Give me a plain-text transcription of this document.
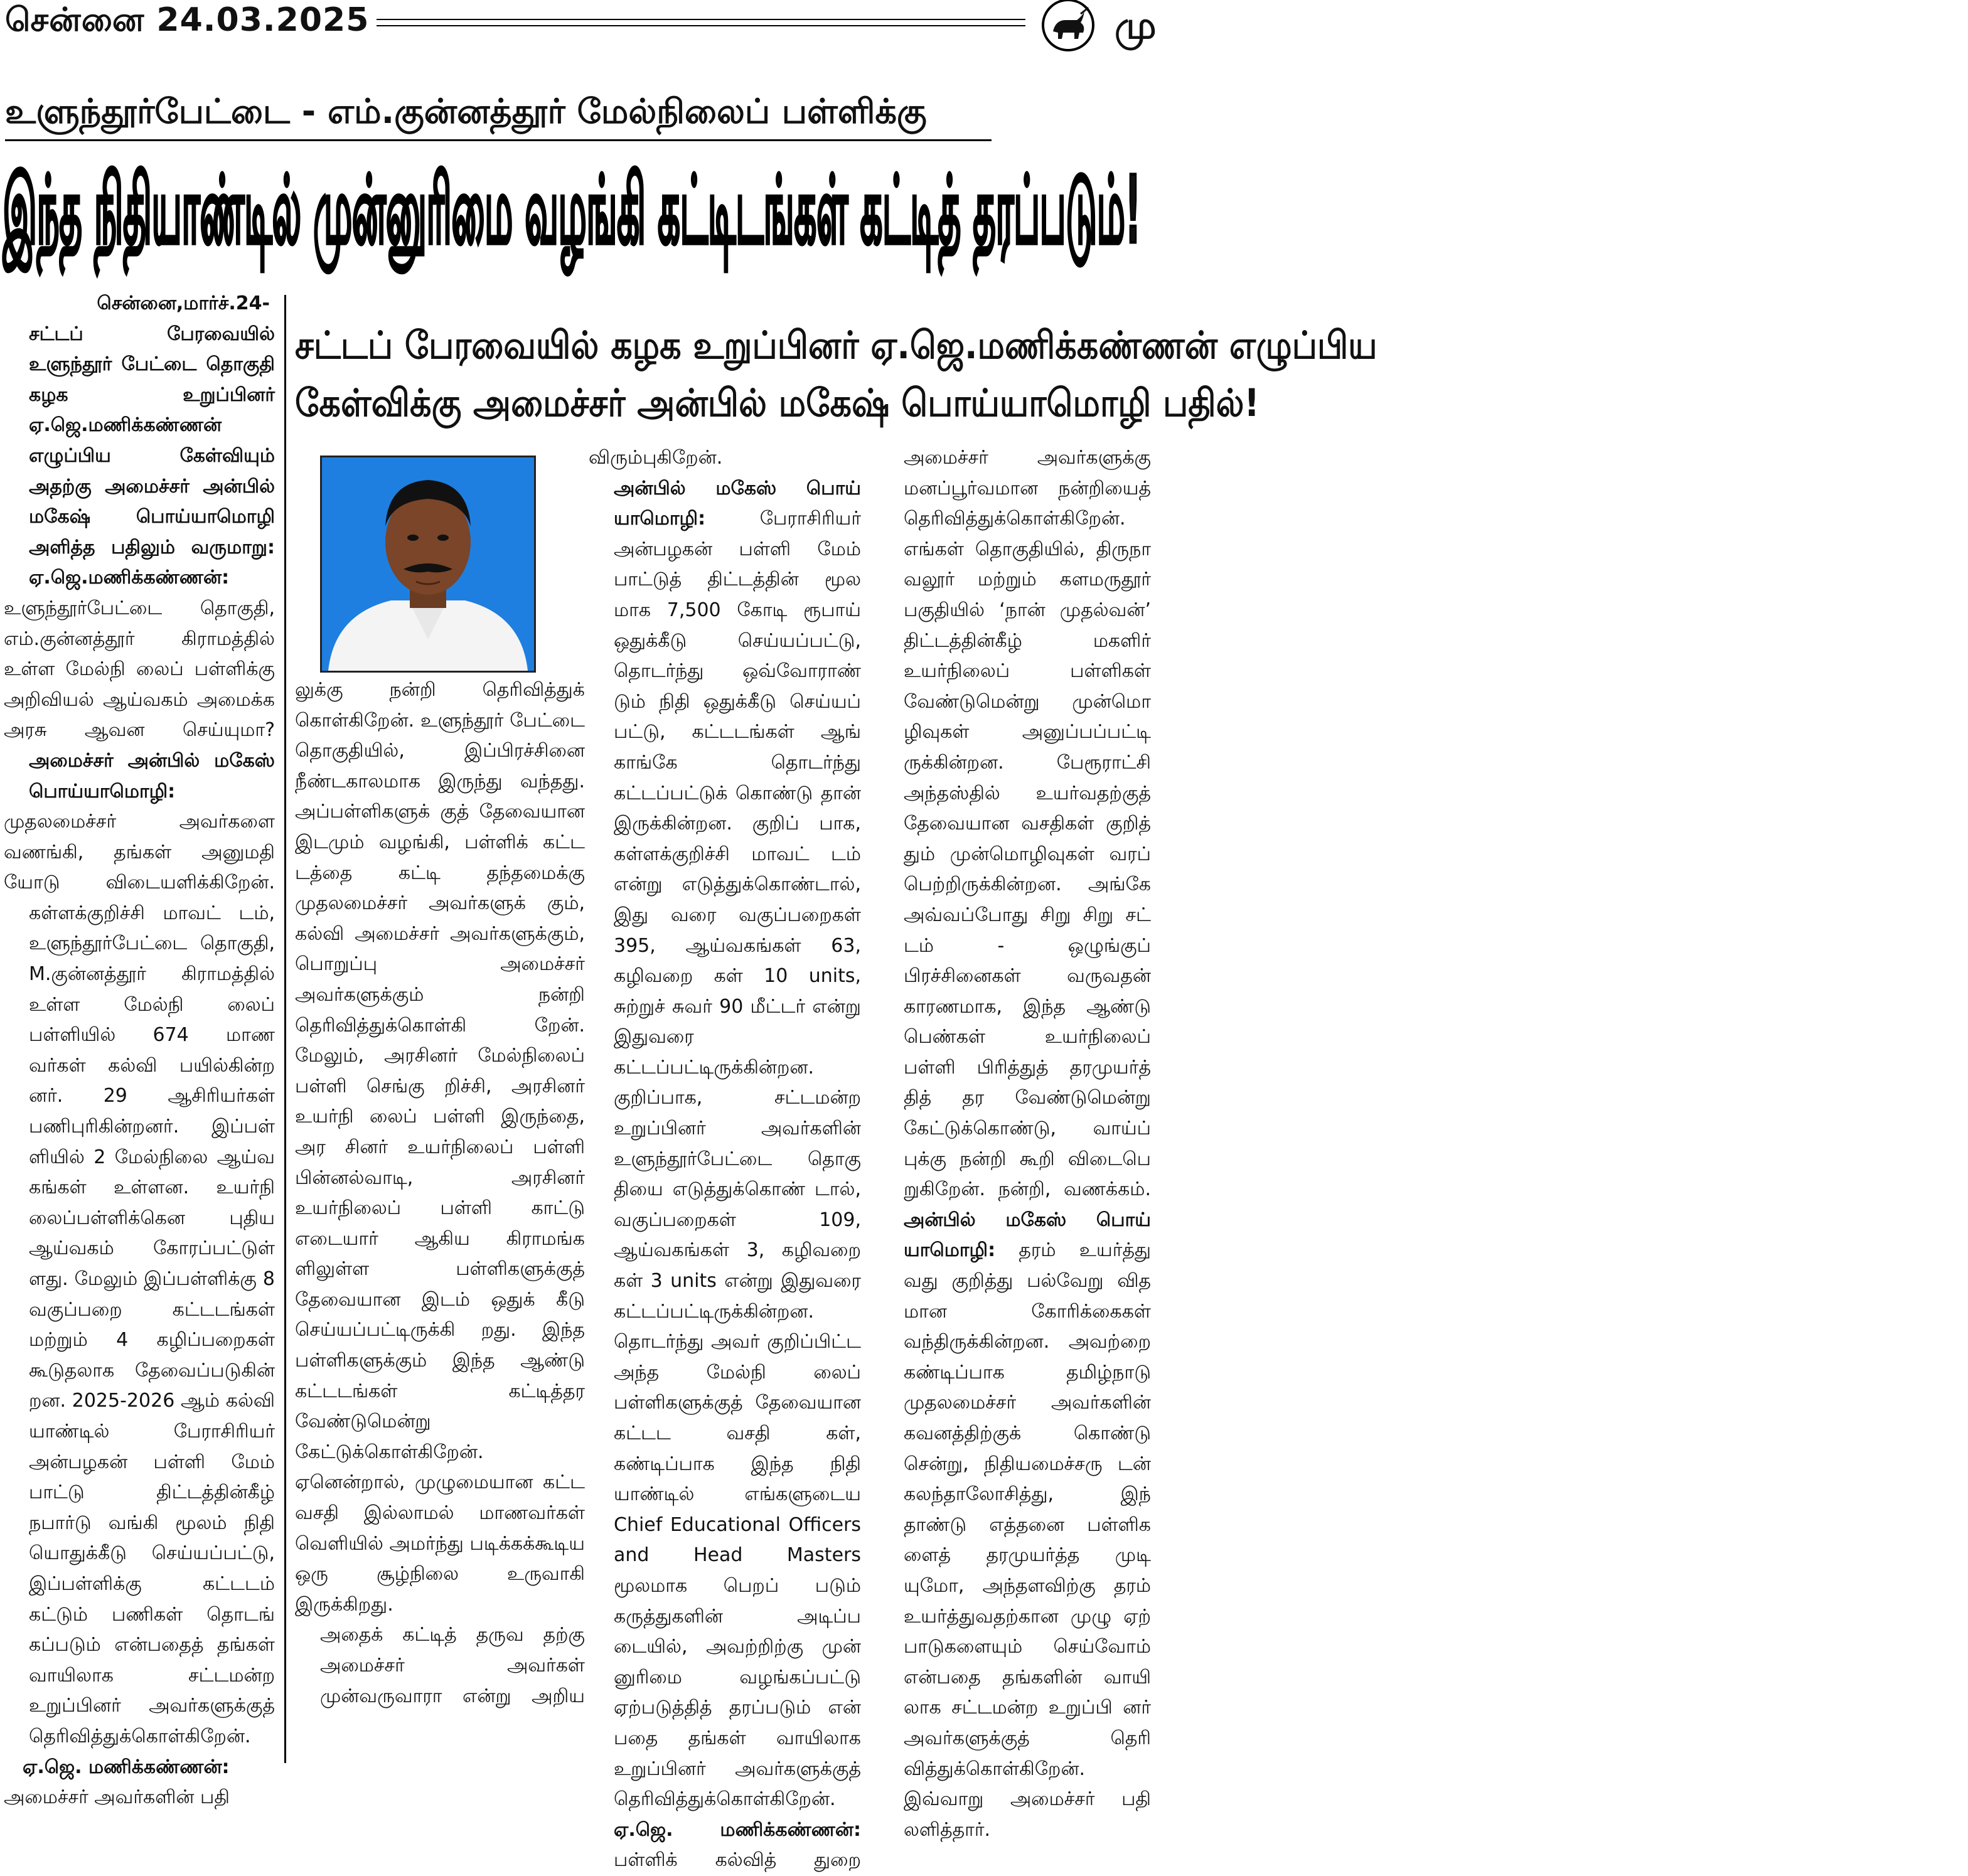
சென்னை 24.03.2025	மு
உளுந்தூர்பேட்டை - எம்.குன்னத்தூர் மேல்நிலைப் பள்ளிக்கு
இந்த நிதியாண்டில் முன்னுரிமை வழங்கி கட்டிடங்கள் கட்டித் தரப்படும்!
சட்டப் பேரவையில் கழக உறுப்பினர் ஏ.ஜெ.மணிக்கண்ணன் எழுப்பிய
கேள்விக்கு அமைச்சர் அன்பில் மகேஷ் பொய்யாமொழி பதில்!

சென்னை,மார்ச்.24-

சட்டப் பேரவையில் உளுந்தூர் பேட்டை தொகுதி கழக உறுப்பினர் ஏ.ஜெ.மணிக்கண்ணன் எழுப்பிய கேள்வியும் அதற்கு அமைச்சர் அன்பில் மகேஷ் பொய்யாமொழி அளித்த பதிலும் வருமாறு:

ஏ.ஜெ.மணிக்கண்ணன்:

உளுந்தூர்பேட்டை தொகுதி, எம்.குன்னத்தூர் கிராமத்தில் உள்ள மேல்நி லைப் பள்ளிக்கு அறிவியல் ஆய்வகம் அமைக்க அரசு ஆவன செய்யுமா?

அமைச்சர் அன்பில் மகேஸ் பொய்யாமொழி:

முதலமைச்சர் அவர்களை வணங்கி, தங்கள் அனுமதி யோடு விடையளிக்கிறேன்.

கள்ளக்குறிச்சி மாவட் டம், உளுந்தூர்பேட்டை தொகுதி, M.குன்னத்தூர் கிராமத்தில் உள்ள மேல்நி லைப் பள்ளியில் 674 மாண வர்கள் கல்வி பயில்கின்ற னர். 29 ஆசிரியர்கள் பணிபுரிகின்றனர். இப்பள் ளியில் 2 மேல்நிலை ஆய்வ கங்கள் உள்ளன. உயர்நி லைப்பள்ளிக்கென புதிய ஆய்வகம் கோரப்பட்டுள் ளது. மேலும் இப்பள்ளிக்கு 8 வகுப்பறை கட்டடங்கள் மற்றும் 4 கழிப்பறைகள் கூடுதலாக தேவைப்படுகின் றன. 2025-2026 ஆம் கல்வி யாண்டில் பேராசிரியர் அன்பழகன் பள்ளி மேம் பாட்டு திட்டத்தின்கீழ் நபார்டு வங்கி மூலம் நிதி யொதுக்கீடு செய்யப்பட்டு, இப்பள்ளிக்கு கட்டடம் கட்டும் பணிகள் தொடங் கப்படும் என்பதைத் தங்கள் வாயிலாக சட்டமன்ற உறுப்பினர் அவர்களுக்குத் தெரிவித்துக்கொள்கிறேன்.

ஏ.ஜெ. மணிக்கண்ணன்:

அமைச்சர் அவர்களின் பதி

லுக்கு நன்றி தெரிவித்துக் கொள்கிறேன். உளுந்தூர் பேட்டை தொகுதியில், இப்பிரச்சினை நீண்டகாலமாக இருந்து வந்தது. அப்பள்ளிகளுக் குத் தேவையான இடமும் வழங்கி, பள்ளிக் கட்ட டத்தை கட்டி தந்தமைக்கு முதலமைச்சர் அவர்களுக் கும், கல்வி அமைச்சர் அவர்களுக்கும், பொறுப்பு அமைச்சர் அவர்களுக்கும் நன்றி தெரிவித்துக்கொள்கி றேன். மேலும், அரசினர் மேல்நிலைப் பள்ளி செங்கு றிச்சி, அரசினர் உயர்நி லைப் பள்ளி இருந்தை, அர சினர் உயர்நிலைப் பள்ளி பின்னல்வாடி, அரசினர் உயர்நிலைப் பள்ளி காட்டு எடையார் ஆகிய கிராமங்க ளிலுள்ள பள்ளிகளுக்குத் தேவையான இடம் ஒதுக் கீடு செய்யப்பட்டிருக்கி றது. இந்த பள்ளிகளுக்கும் இந்த ஆண்டு கட்டடங்கள் கட்டித்தர வேண்டுமென்று கேட்டுக்கொள்கிறேன். ஏனென்றால், முழுமையான கட்ட வசதி இல்லாமல் மாணவர்கள் வெளியில் அமர்ந்து படிக்கக்கூடிய ஒரு சூழ்நிலை உருவாகி இருக்கிறது.

அதைக் கட்டித் தருவ தற்கு அமைச்சர் அவர்கள் முன்வருவாரா என்று அறிய

விரும்புகிறேன்.

அன்பில் மகேஸ் பொய் யாமொழி:	பேராசிரியர் அன்பழகன் பள்ளி மேம் பாட்டுத் திட்டத்தின் மூல மாக 7,500 கோடி ரூபாய் ஒதுக்கீடு செய்யப்பட்டு, தொடர்ந்து ஒவ்வோராண் டும் நிதி ஒதுக்கீடு செய்யப் பட்டு, கட்டடங்கள் ஆங் காங்கே தொடர்ந்து கட்டப்பட்டுக் கொண்டு தான் இருக்கின்றன. குறிப் பாக, கள்ளக்குறிச்சி மாவட் டம் என்று எடுத்துக்கொண்டால், இது வரை வகுப்பறைகள் 395, ஆய்வகங்கள் 63, கழிவறை கள் 10 units, சுற்றுச் சுவர் 90 மீட்டர் என்று இதுவரை கட்டப்பட்டிருக்கின்றன. குறிப்பாக, சட்டமன்ற உறுப்பினர் அவர்களின் உளுந்தூர்பேட்டை தொகு தியை எடுத்துக்கொண் டால், வகுப்பறைகள் 109, ஆய்வகங்கள் 3, கழிவறை கள் 3 units என்று இதுவரை கட்டப்பட்டிருக்கின்றன. தொடர்ந்து அவர் குறிப்பிட்ட அந்த மேல்நி லைப் பள்ளிகளுக்குத் தேவையான கட்டட வசதி கள், கண்டிப்பாக இந்த நிதி யாண்டில் எங்களுடைய Chief Educational Officers and Head Masters மூலமாக பெறப் படும் கருத்துகளின் அடிப்ப டையில், அவற்றிற்கு முன் னுரிமை வழங்கப்பட்டு ஏற்படுத்தித் தரப்படும் என் பதை தங்கள் வாயிலாக உறுப்பினர் அவர்களுக்குத் தெரிவித்துக்கொள்கிறேன்.

ஏ.ஜெ. மணிக்கண்ணன்: பள்ளிக் கல்வித் துறை

அமைச்சர் அவர்களுக்கு மனப்பூர்வமான நன்றியைத் தெரிவித்துக்கொள்கிறேன். எங்கள் தொகுதியில், திருநா வலூர் மற்றும் களமருதூர் பகுதியில் ‘நான் முதல்வன்’ திட்டத்தின்கீழ் மகளிர் உயர்நிலைப் பள்ளிகள் வேண்டுமென்று முன்மொ ழிவுகள் அனுப்பப்பட்டி ருக்கின்றன. பேரூராட்சி அந்தஸ்தில் உயர்வதற்குத் தேவையான வசதிகள் குறித் தும் முன்மொழிவுகள் வரப் பெற்றிருக்கின்றன. அங்கே அவ்வப்போது சிறு சிறு சட் டம் - ஒழுங்குப் பிரச்சினைகள் வருவதன் காரணமாக, இந்த ஆண்டு பெண்கள் உயர்நிலைப் பள்ளி பிரித்துத் தரமுயர்த் தித் தர வேண்டுமென்று கேட்டுக்கொண்டு, வாய்ப் புக்கு நன்றி கூறி விடைபெ றுகிறேன். நன்றி, வணக்கம்.

அன்பில் மகேஸ் பொய் யாமொழி: தரம் உயர்த்து வது குறித்து பல்வேறு வித மான கோரிக்கைகள் வந்திருக்கின்றன. அவற்றை கண்டிப்பாக தமிழ்நாடு முதலமைச்சர் அவர்களின் கவனத்திற்குக் கொண்டு சென்று, நிதியமைச்சரு டன் கலந்தாலோசித்து, இந் தாண்டு எத்தனை பள்ளிக ளைத் தரமுயர்த்த முடி யுமோ, அந்தளவிற்கு தரம் உயர்த்துவதற்கான முழு ஏற் பாடுகளையும் செய்வோம் என்பதை தங்களின் வாயி லாக சட்டமன்ற உறுப்பி னர் அவர்களுக்குத் தெரி வித்துக்கொள்கிறேன்.

இவ்வாறு அமைச்சர் பதி லளித்தார்.
